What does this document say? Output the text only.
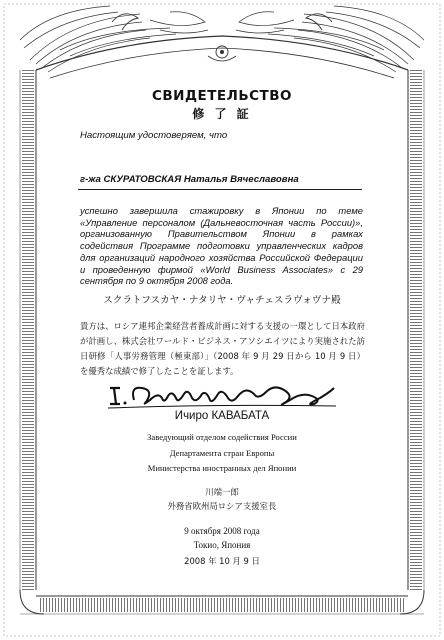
СВИДЕТЕЛЬСТВО
修 了 証
Настоящим удостоверяем, что
г-жа СКУРАТОВСКАЯ Наталья Вячеславовна
успешно завершила стажировку в Японии по теме «Управление персоналом (Дальневосточная часть России)», организованную Правительством Японии в рамках содействия Программе подготовки управленческих кадров для организаций народного хозяйства Российской Федерации и проведенную фирмой «World Business Associates» с 29 сентября по 9 октября 2008 года.
スクラトフスカヤ・ナタリヤ・ヴャチェスラヴォヴナ殿
貴方は、ロシア連邦企業経営者養成計画に対する支援の一環として日本政府が計画し、株式会社ワールド・ビジネス・アソシエイツにより実施された訪日研修「人事労務管理（極東部）」（2008 年 9 月 29 日から 10 月 9 日）を優秀な成績で修了したことを証します。
Ичиро КАВАБАТА
Заведующий отделом содействия России
Департамента стран Европы
Министерства иностранных дел Японии
川端一郎
外務省欧州局ロシア支援室長
9 октября 2008 года
Токио, Япония
2008 年 10 月 9 日
